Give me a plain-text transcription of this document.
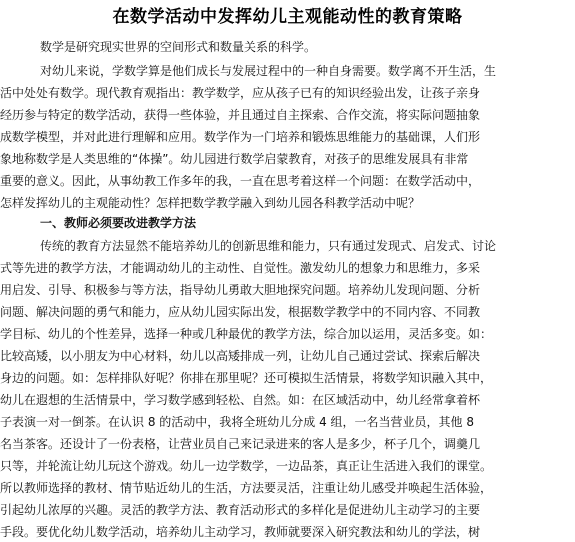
在数学活动中发挥幼儿主观能动性的教育策略
数学是研究现实世界的空间形式和数量关系的科学。
对幼儿来说，学数学算是他们成长与发展过程中的一种自身需要。数学离不开生活，生
活中处处有数学。现代教育观指出：教学数学，应从孩子已有的知识经验出发，让孩子亲身
经历参与特定的数学活动，获得一些体验，并且通过自主探索、合作交流，将实际问题抽象
成数学模型，并对此进行理解和应用。数学作为一门培养和锻炼思维能力的基础课，人们形
象地称数学是人类思维的“体操”。幼儿园进行数学启蒙教育，对孩子的思维发展具有非常
重要的意义。因此，从事幼教工作多年的我，一直在思考着这样一个问题：在数学活动中，
怎样发挥幼儿的主观能动性？怎样把数学教学融入到幼儿园各科教学活动中呢？
一、教师必须要改进教学方法
传统的教育方法显然不能培养幼儿的创新思维和能力，只有通过发现式、启发式、讨论
式等先进的教学方法，才能调动幼儿的主动性、自觉性。激发幼儿的想象力和思维力，多采
用启发、引导、积极参与等方法，指导幼儿勇敢大胆地探究问题。培养幼儿发现问题、分析
问题、解决问题的勇气和能力，应从幼儿园实际出发，根据数学教学中的不同内容、不同教
学目标、幼儿的个性差异，选择一种或几种最优的教学方法，综合加以运用，灵活多变。如：
比较高矮，以小朋友为中心材料，幼儿以高矮排成一列，让幼儿自己通过尝试、探索后解决
身边的问题。如：怎样排队好呢？你排在那里呢？还可模拟生活情景，将数学知识融入其中，
幼儿在遐想的生活情景中，学习数学感到轻松、自然。如：在区域活动中，幼儿经常拿着杯
子表演一对一倒茶。在认识 8 的活动中，我将全班幼儿分成 4 组，一名当营业员，其他 8
名当茶客。还设计了一份表格，让营业员自己来记录进来的客人是多少，杯子几个，调羹几
只等，并轮流让幼儿玩这个游戏。幼儿一边学数学，一边品茶，真正让生活进入我们的课堂。
所以教师选择的教材、情节贴近幼儿的生活，方法要灵活，注重让幼儿感受并唤起生活体验，
引起幼儿浓厚的兴趣。灵活的教学方法、教育活动形式的多样化是促进幼儿主动学习的主要
手段。要优化幼儿数学活动，培养幼儿主动学习，教师就要深入研究教法和幼儿的学法，树
